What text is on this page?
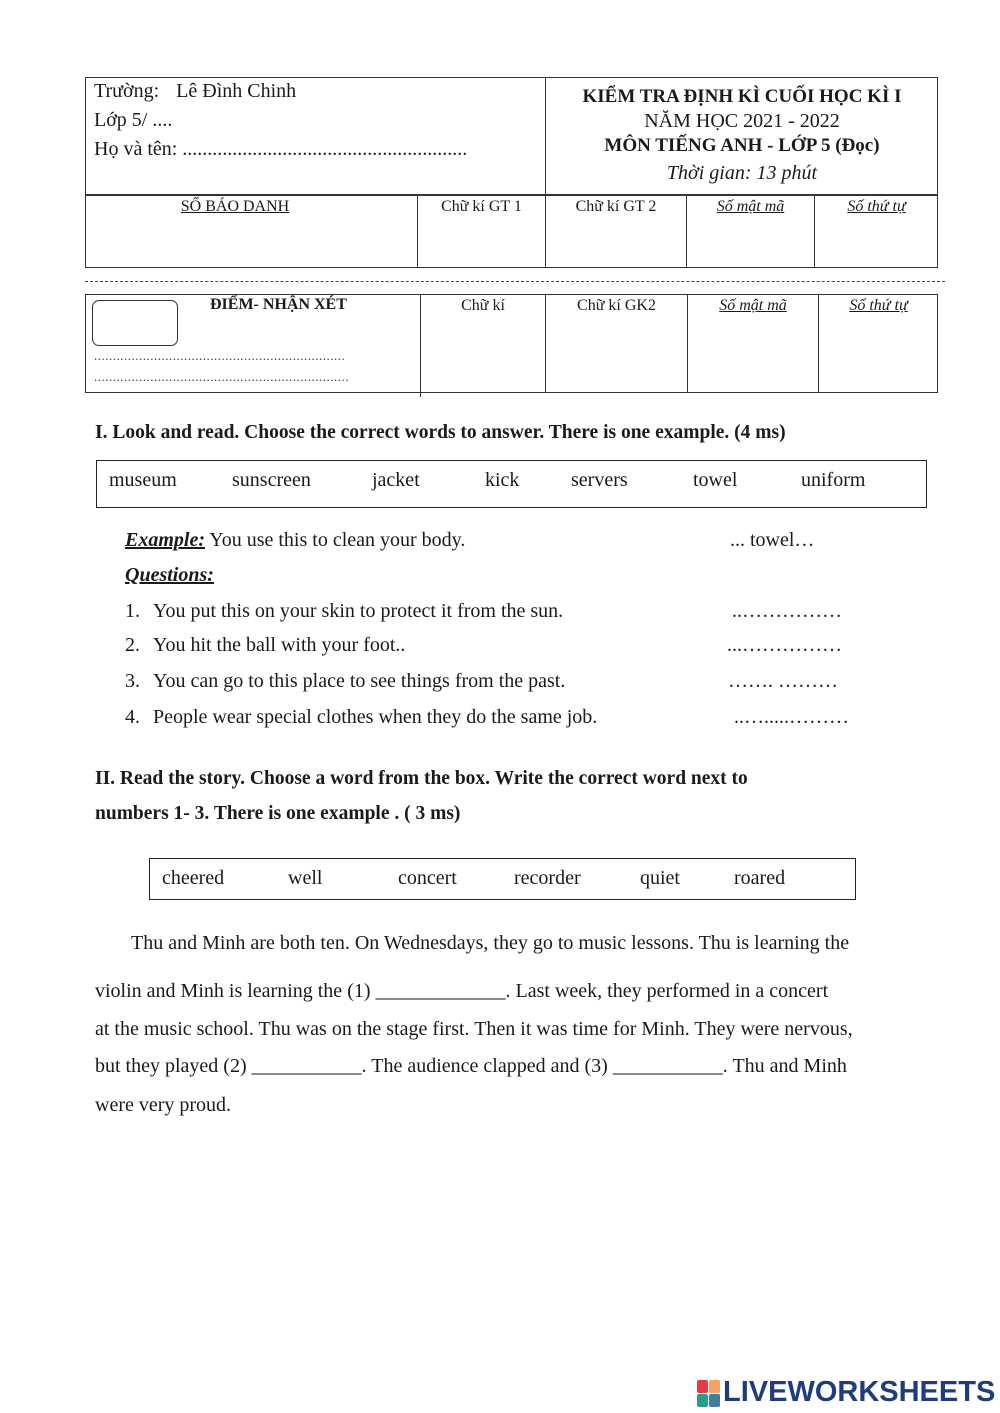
Trường: Lê Đình Chinh
Lớp 5/ ....
Họ và tên: .........................................................
KIỂM TRA ĐỊNH KÌ CUỐI HỌC KÌ I
NĂM HỌC 2021 - 2022
MÔN TIẾNG ANH - LỚP 5 (Đọc)
Thời gian: 13 phút
SỐ BÁO DANH	Chữ kí GT 1	Chữ kí GT 2	Số mật mã	Số thứ tự
ĐIỂM- NHẬN XÉT
...................................................................
....................................................................
Chữ kí	Chữ kí GK2	Số mật mã	Số thứ tự
I. Look and read. Choose the correct words to answer. There is one example. (4 ms)
museum	sunscreen	jacket	kick	servers	towel	uniform
Example: You use this to clean your body.	... towel…
Questions:
1. You put this on your skin to protect it from the sun.	..……………
2. You hit the ball with your foot..	...……………
3. You can go to this place to see things from the past.	……. ………
4. People wear special clothes when they do the same job.	..….....………
II. Read the story. Choose a word from the box. Write the correct word next to
numbers 1- 3. There is one example . ( 3 ms)
cheered	well	concert	recorder	quiet	roared
Thu and Minh are both ten. On Wednesdays, they go to music lessons. Thu is learning the
violin and Minh is learning the (1) _____________. Last week, they performed in a concert
at the music school. Thu was on the stage first. Then it was time for Minh. They were nervous,
but they played (2) ___________. The audience clapped and (3) ___________. Thu and Minh
were very proud.
LIVEWORKSHEETS
